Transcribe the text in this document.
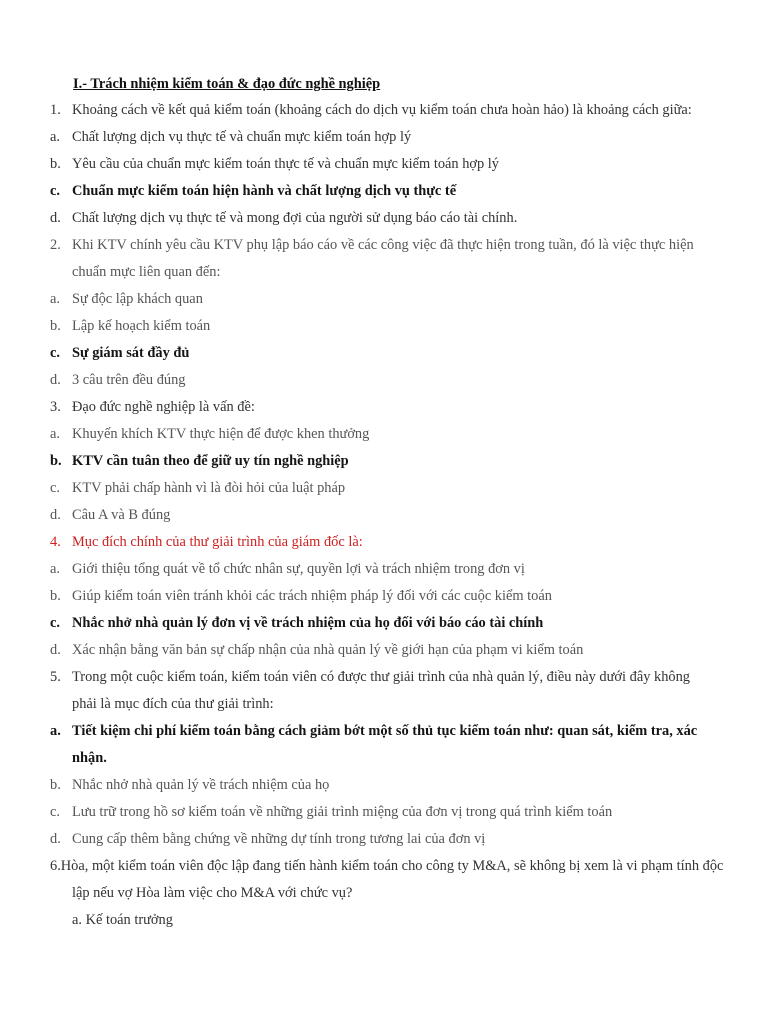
I.- Trách nhiệm kiểm toán & đạo đức nghề nghiệp
1. Khoảng cách về kết quả kiểm toán (khoảng cách do dịch vụ kiểm toán chưa hoàn hảo) là khoảng cách giữa:
a. Chất lượng dịch vụ thực tế và chuẩn mực kiểm toán hợp lý
b. Yêu cầu của chuẩn mực kiểm toán thực tế và chuẩn mực kiểm toán hợp lý
c. Chuẩn mực kiểm toán hiện hành và chất lượng dịch vụ thực tế
d. Chất lượng dịch vụ thực tế và mong đợi của người sử dụng báo cáo tài chính.
2. Khi KTV chính yêu cầu KTV phụ lập báo cáo về các công việc đã thực hiện trong tuần, đó là việc thực hiện chuẩn mực liên quan đến:
a. Sự độc lập khách quan
b. Lập kế hoạch kiểm toán
c. Sự giám sát đầy đủ
d. 3 câu trên đều đúng
3. Đạo đức nghề nghiệp là vấn đề:
a. Khuyến khích KTV thực hiện để được khen thưởng
b. KTV cần tuân theo để giữ uy tín nghề nghiệp
c. KTV phải chấp hành vì là đòi hỏi của luật pháp
d. Câu A và B đúng
4. Mục đích chính của thư giải trình của giám đốc là:
a. Giới thiệu tổng quát về tổ chức nhân sự, quyền lợi và trách nhiệm trong đơn vị
b. Giúp kiểm toán viên tránh khỏi các trách nhiệm pháp lý đối với các cuộc kiểm toán
c. Nhắc nhở nhà quản lý đơn vị về trách nhiệm của họ đối với báo cáo tài chính
d. Xác nhận bằng văn bản sự chấp nhận của nhà quản lý về giới hạn của phạm vi kiểm toán
5. Trong một cuộc kiểm toán, kiểm toán viên có được thư giải trình của nhà quản lý, điều này dưới đây không phải là mục đích của thư giải trình:
a. Tiết kiệm chi phí kiểm toán bằng cách giảm bớt một số thủ tục kiểm toán như: quan sát, kiểm tra, xác nhận.
b. Nhắc nhở nhà quản lý về trách nhiệm của họ
c. Lưu trữ trong hồ sơ kiểm toán về những giải trình miệng của đơn vị trong quá trình kiểm toán
d. Cung cấp thêm bằng chứng về những dự tính trong tương lai của đơn vị
6.Hòa, một kiểm toán viên độc lập đang tiến hành kiểm toán cho công ty M&A, sẽ không bị xem là vi phạm tính độc lập nếu vợ Hòa làm việc cho M&A với chức vụ?
a. Kế toán trưởng
